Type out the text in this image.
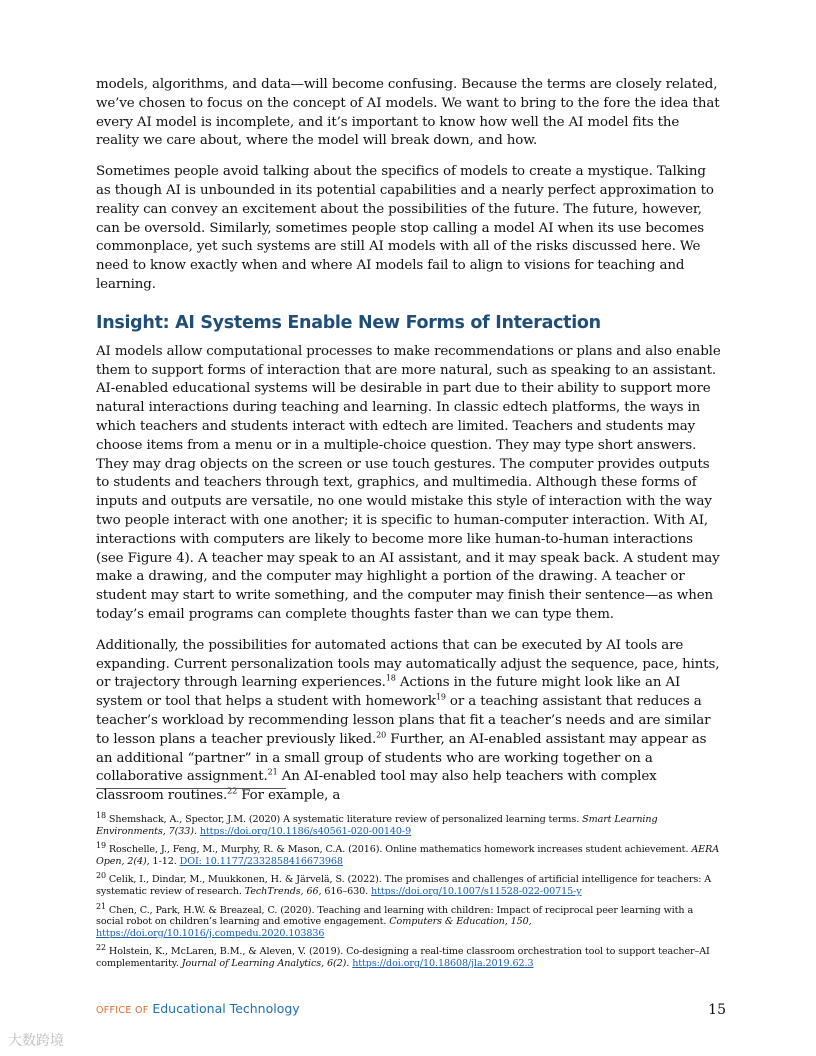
models, algorithms, and data—will become confusing. Because the terms are closely related, we’ve chosen to focus on the concept of AI models. We want to bring to the fore the idea that every AI model is incomplete, and it’s important to know how well the AI model fits the reality we care about, where the model will break down, and how.

Sometimes people avoid talking about the specifics of models to create a mystique. Talking as though AI is unbounded in its potential capabilities and a nearly perfect approximation to reality can convey an excitement about the possibilities of the future. The future, however, can be oversold. Similarly, sometimes people stop calling a model AI when its use becomes commonplace, yet such systems are still AI models with all of the risks discussed here. We need to know exactly when and where AI models fail to align to visions for teaching and learning.

Insight: AI Systems Enable New Forms of Interaction

AI models allow computational processes to make recommendations or plans and also enable them to support forms of interaction that are more natural, such as speaking to an assistant. AI-enabled educational systems will be desirable in part due to their ability to support more natural interactions during teaching and learning. In classic edtech platforms, the ways in which teachers and students interact with edtech are limited. Teachers and students may choose items from a menu or in a multiple-choice question. They may type short answers. They may drag objects on the screen or use touch gestures. The computer provides outputs to students and teachers through text, graphics, and multimedia. Although these forms of inputs and outputs are versatile, no one would mistake this style of interaction with the way two people interact with one another; it is specific to human-computer interaction. With AI, interactions with computers are likely to become more like human-to-human interactions (see Figure 4). A teacher may speak to an AI assistant, and it may speak back. A student may make a drawing, and the computer may highlight a portion of the drawing. A teacher or student may start to write something, and the computer may finish their sentence—as when today’s email programs can complete thoughts faster than we can type them.

Additionally, the possibilities for automated actions that can be executed by AI tools are expanding. Current personalization tools may automatically adjust the sequence, pace, hints, or trajectory through learning experiences.$^{18}$ Actions in the future might look like an AI system or tool that helps a student with homework$^{19}$ or a teaching assistant that reduces a teacher’s workload by recommending lesson plans that fit a teacher’s needs and are similar to lesson plans a teacher previously liked.$^{20}$ Further, an AI-enabled assistant may appear as an additional “partner” in a small group of students who are working together on a collaborative assignment.$^{21}$ An AI-enabled tool may also help teachers with complex classroom routines.$^{22}$ For example, a

$^{18}$ Shemshack, A., Spector, J.M. (2020) A systematic literature review of personalized learning terms. Smart Learning Environments, 7(33). https://doi.org/10.1186/s40561-020-00140-9

$^{19}$ Roschelle, J., Feng, M., Murphy, R. & Mason, C.A. (2016). Online mathematics homework increases student achievement. AERA Open, 2(4), 1-12. DOI: 10.1177/2332858416673968

$^{20}$ Celik, I., Dindar, M., Muukkonen, H. & Järvelä, S. (2022). The promises and challenges of artificial intelligence for teachers: A systematic review of research. TechTrends, 66, 616–630. https://doi.org/10.1007/s11528-022-00715-y

$^{21}$ Chen, C., Park, H.W. & Breazeal, C. (2020). Teaching and learning with children: Impact of reciprocal peer learning with a social robot on children’s learning and emotive engagement. Computers & Education, 150, https://doi.org/10.1016/j.compedu.2020.103836

$^{22}$ Holstein, K., McLaren, B.M., & Aleven, V. (2019). Co-designing a real-time classroom orchestration tool to support teacher–AI complementarity. Journal of Learning Analytics, 6(2). https://doi.org/10.18608/jla.2019.62.3

OFFICE OF Educational Technology	15
大数跨境
